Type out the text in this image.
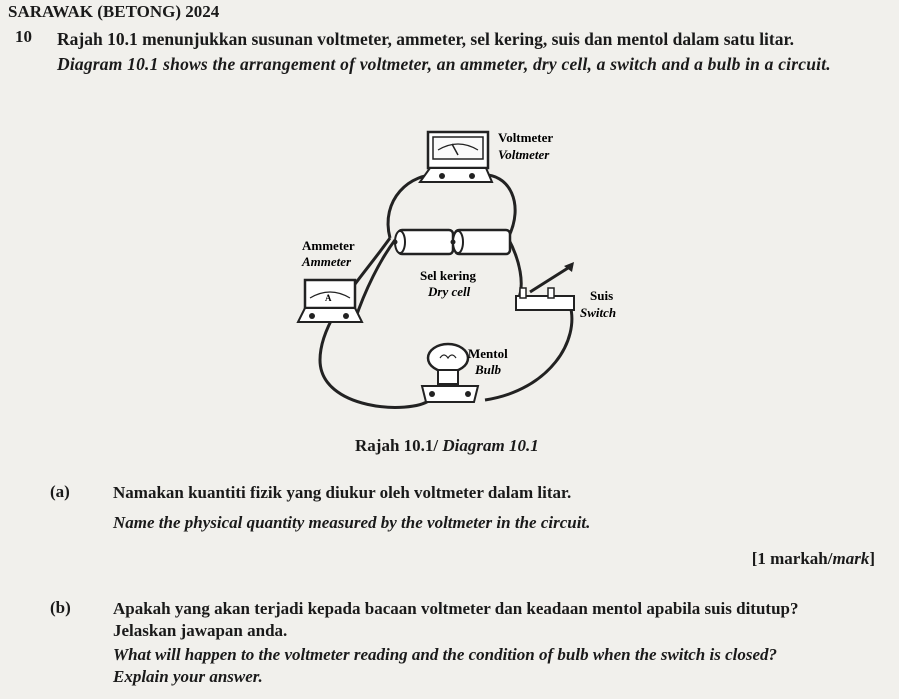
SARAWAK (BETONG) 2024
10 Rajah 10.1 menunjukkan susunan voltmeter, ammeter, sel kering, suis dan mentol dalam satu litar.
Diagram 10.1 shows the arrangement of voltmeter, an ammeter, dry cell, a switch and a bulb in a circuit.
Voltmeter
Voltmeter
Sel kering
Dry cell
A
Ammeter
Ammeter
Suis
Switch
Mentol
Bulb
Rajah 10.1/ Diagram 10.1
(a)	Namakan kuantiti fizik yang diukur oleh voltmeter dalam litar.
Name the physical quantity measured by the voltmeter in the circuit.
[1 markah/mark]
(b) Apakah yang akan terjadi kepada bacaan voltmeter dan keadaan mentol apabila suis ditutup?
Jelaskan jawapan anda.
What will happen to the voltmeter reading and the condition of bulb when the switch is closed?
Explain your answer.
